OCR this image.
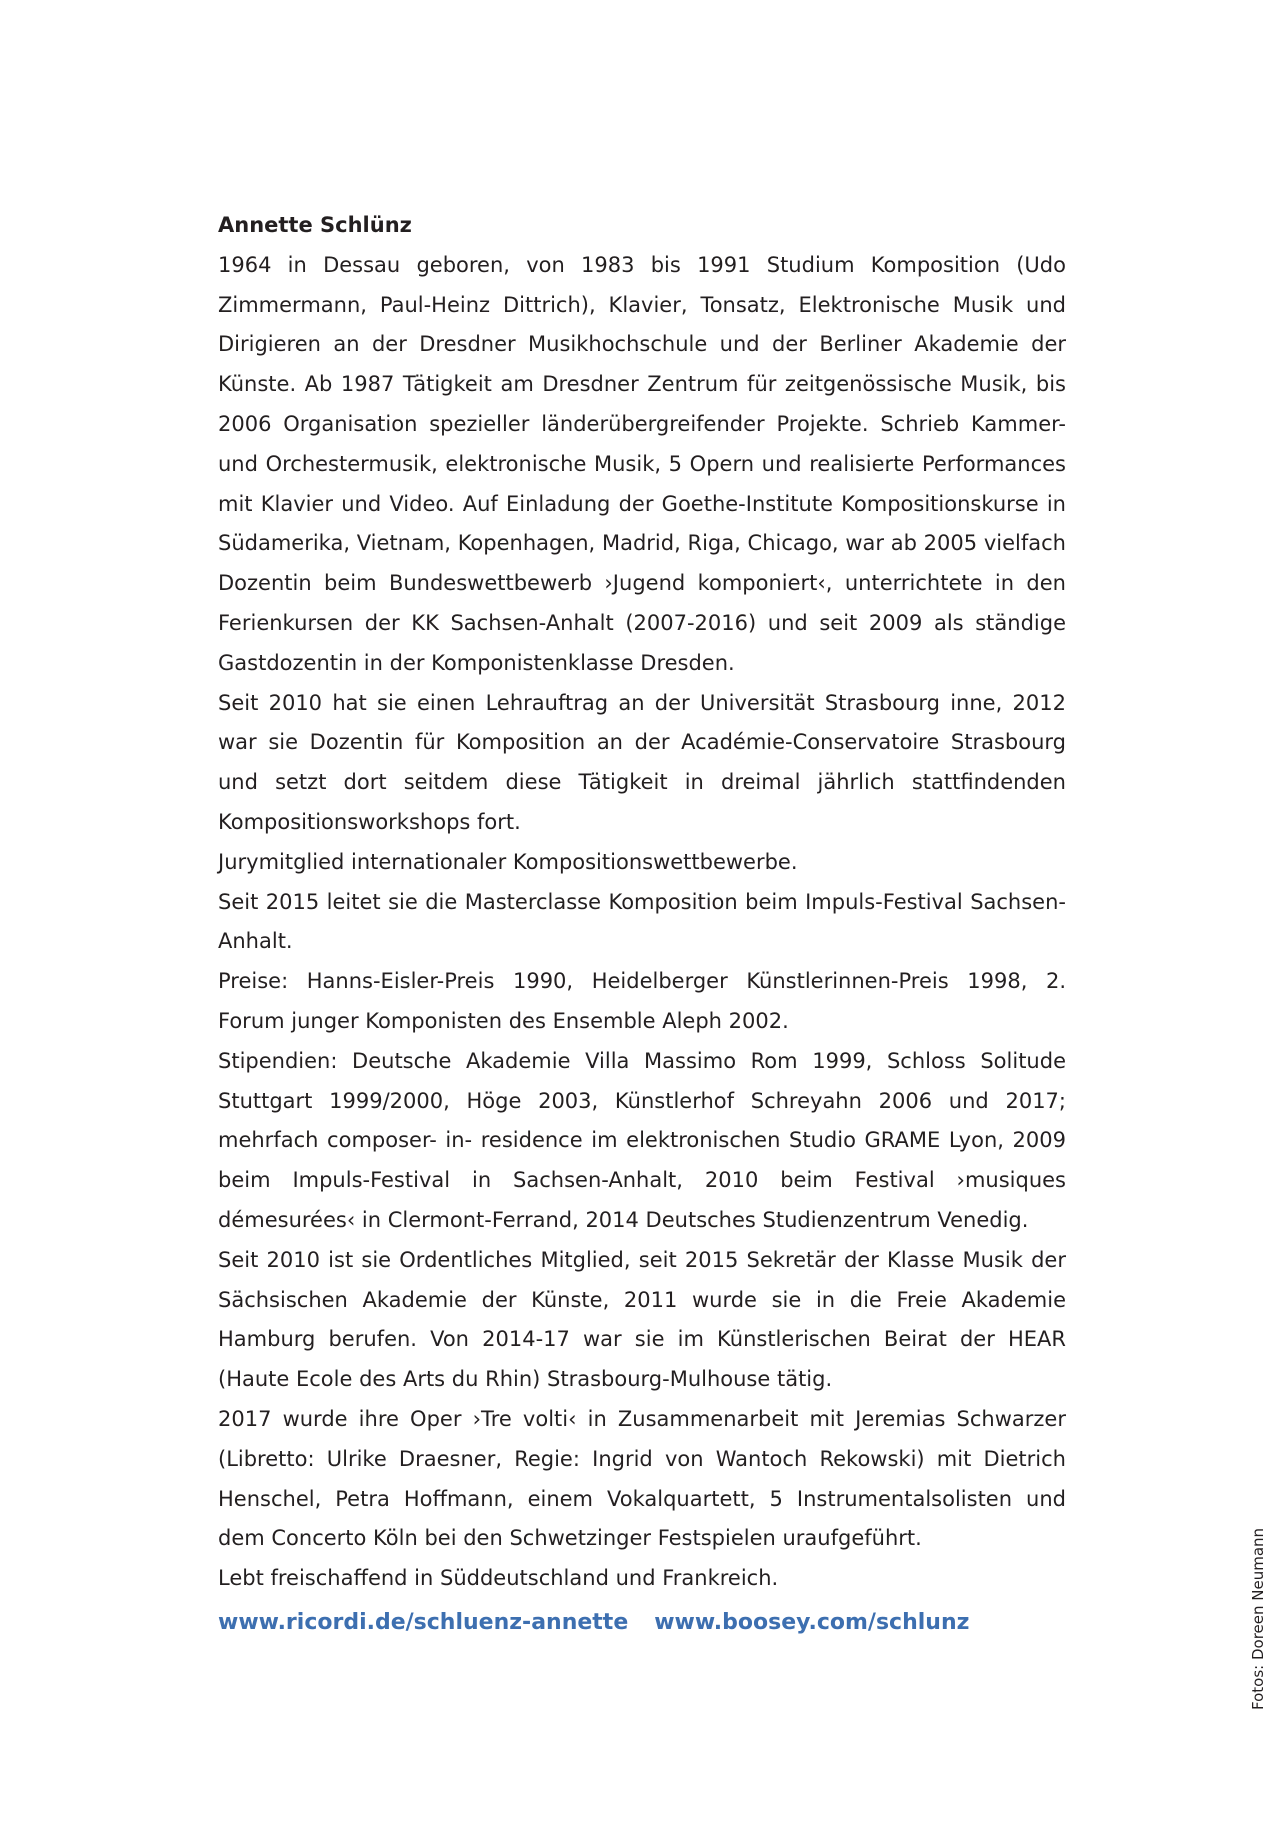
Annette Schlünz

1964 in Dessau geboren, von 1983 bis 1991 Studium Komposition (Udo Zimmermann, Paul-Heinz Dittrich), Klavier, Tonsatz, Elektronische Musik und Dirigieren an der Dresdner Musikhochschule und der Berliner Akademie der Künste. Ab 1987 Tätigkeit am Dresdner Zentrum für zeitgenössische Musik, bis 2006 Organisation spezieller länderübergreifender Projekte. Schrieb Kammer- und Orchestermusik, elektronische Musik, 5 Opern und realisierte Performances mit Klavier und Video. Auf Einladung der Goethe-Institute Kompositionskurse in Südamerika, Vietnam, Kopenhagen, Madrid, Riga, Chicago, war ab 2005 vielfach Dozentin beim Bundeswettbewerb ›Jugend komponiert‹, unterrichtete in den Ferienkursen der KK Sachsen-Anhalt (2007-2016) und seit 2009 als ständige Gastdozentin in der Komponistenklasse Dresden.

Seit 2010 hat sie einen Lehrauftrag an der Universität Strasbourg inne, 2012 war sie Dozentin für Komposition an der Académie-Conservatoire Strasbourg und setzt dort seitdem diese Tätigkeit in dreimal jährlich stattfindenden Kompositionsworkshops fort.

Jurymitglied internationaler Kompositionswettbewerbe.

Seit 2015 leitet sie die Masterclasse Komposition beim Impuls-Festival Sachsen- Anhalt.

Preise: Hanns-Eisler-Preis 1990, Heidelberger Künstlerinnen-Preis 1998, 2. Forum junger Komponisten des Ensemble Aleph 2002.

Stipendien: Deutsche Akademie Villa Massimo Rom 1999, Schloss Solitude Stuttgart 1999/2000, Höge 2003, Künstlerhof Schreyahn 2006 und 2017; mehrfach composer- in- residence im elektronischen Studio GRAME Lyon, 2009 beim Impuls-Festival in Sachsen-Anhalt, 2010 beim Festival ›musiques démesurées‹ in Clermont-Ferrand, 2014 Deutsches Studienzentrum Venedig.

Seit 2010 ist sie Ordentliches Mitglied, seit 2015 Sekretär der Klasse Musik der Sächsischen Akademie der Künste, 2011 wurde sie in die Freie Akademie Hamburg berufen. Von 2014-17 war sie im Künstlerischen Beirat der HEAR (Haute Ecole des Arts du Rhin) Strasbourg-Mulhouse tätig.

2017 wurde ihre Oper ›Tre volti‹ in Zusammenarbeit mit Jeremias Schwarzer (Libretto: Ulrike Draesner, Regie: Ingrid von Wantoch Rekowski) mit Dietrich Henschel, Petra Hoffmann, einem Vokalquartett, 5 Instrumentalsolisten und dem Concerto Köln bei den Schwetzinger Festspielen uraufgeführt.

Lebt freischaffend in Süddeutschland und Frankreich.

www.ricordi.de/schluenz-annette www.boosey.com/schlunz	Fotos: Doreen Neumann
